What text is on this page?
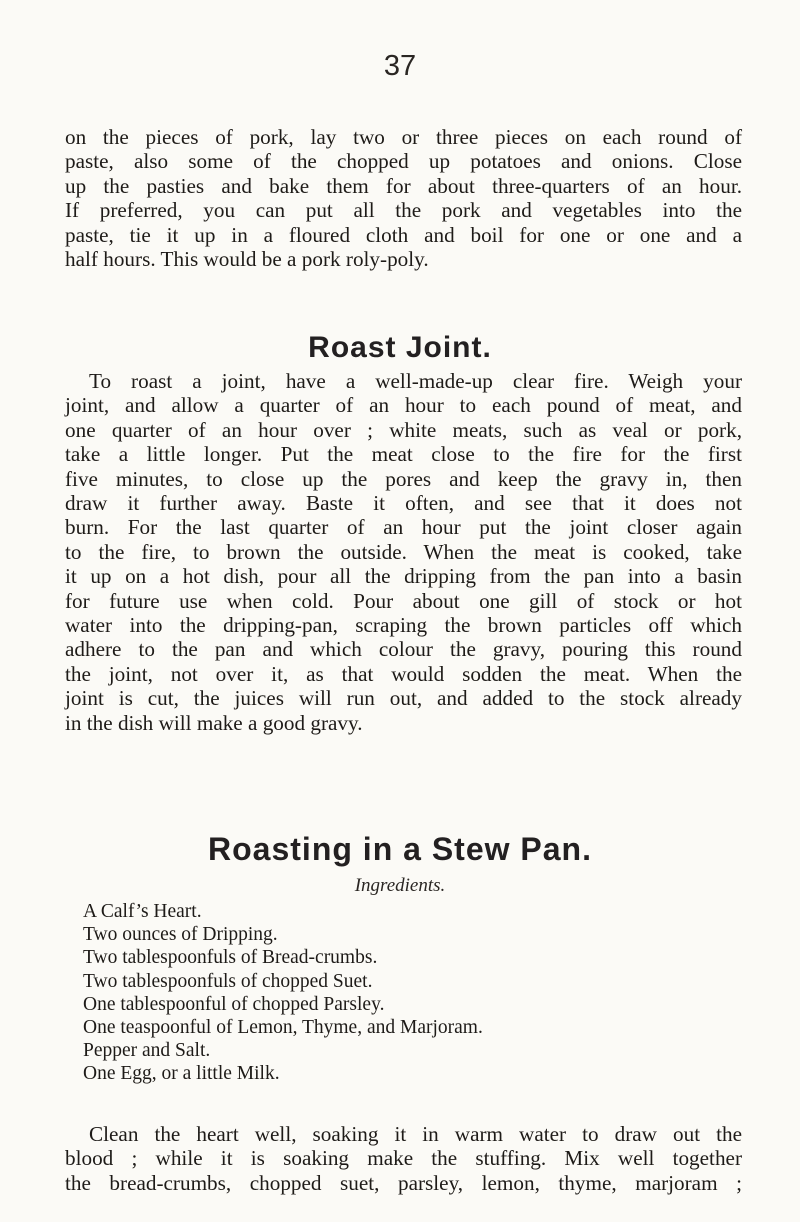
37

on the pieces of pork, lay two or three pieces on each round of
paste, also some of the chopped up potatoes and onions. Close
up the pasties and bake them for about three-quarters of an hour.
If preferred, you can put all the pork and vegetables into the
paste, tie it up in a floured cloth and boil for one or one and a
half hours. This would be a pork roly-poly.

Roast Joint.

To roast a joint, have a well-made-up clear fire. Weigh your
joint, and allow a quarter of an hour to each pound of meat, and
one quarter of an hour over ; white meats, such as veal or pork,
take a little longer. Put the meat close to the fire for the first
five minutes, to close up the pores and keep the gravy in, then
draw it further away. Baste it often, and see that it does not
burn. For the last quarter of an hour put the joint closer again
to the fire, to brown the outside. When the meat is cooked, take
it up on a hot dish, pour all the dripping from the pan into a basin
for future use when cold. Pour about one gill of stock or hot
water into the dripping-pan, scraping the brown particles off which
adhere to the pan and which colour the gravy, pouring this round
the joint, not over it, as that would sodden the meat. When the
joint is cut, the juices will run out, and added to the stock already
in the dish will make a good gravy.

Roasting in a Stew Pan.
Ingredients.
A Calf’s Heart.
Two ounces of Dripping.
Two tablespoonfuls of Bread-crumbs.
Two tablespoonfuls of chopped Suet.
One tablespoonful of chopped Parsley.
One teaspoonful of Lemon, Thyme, and Marjoram.
Pepper and Salt.
One Egg, or a little Milk.

Clean the heart well, soaking it in warm water to draw out the
blood ; while it is soaking make the stuffing. Mix well together
the bread-crumbs, chopped suet, parsley, lemon, thyme, marjoram ;
